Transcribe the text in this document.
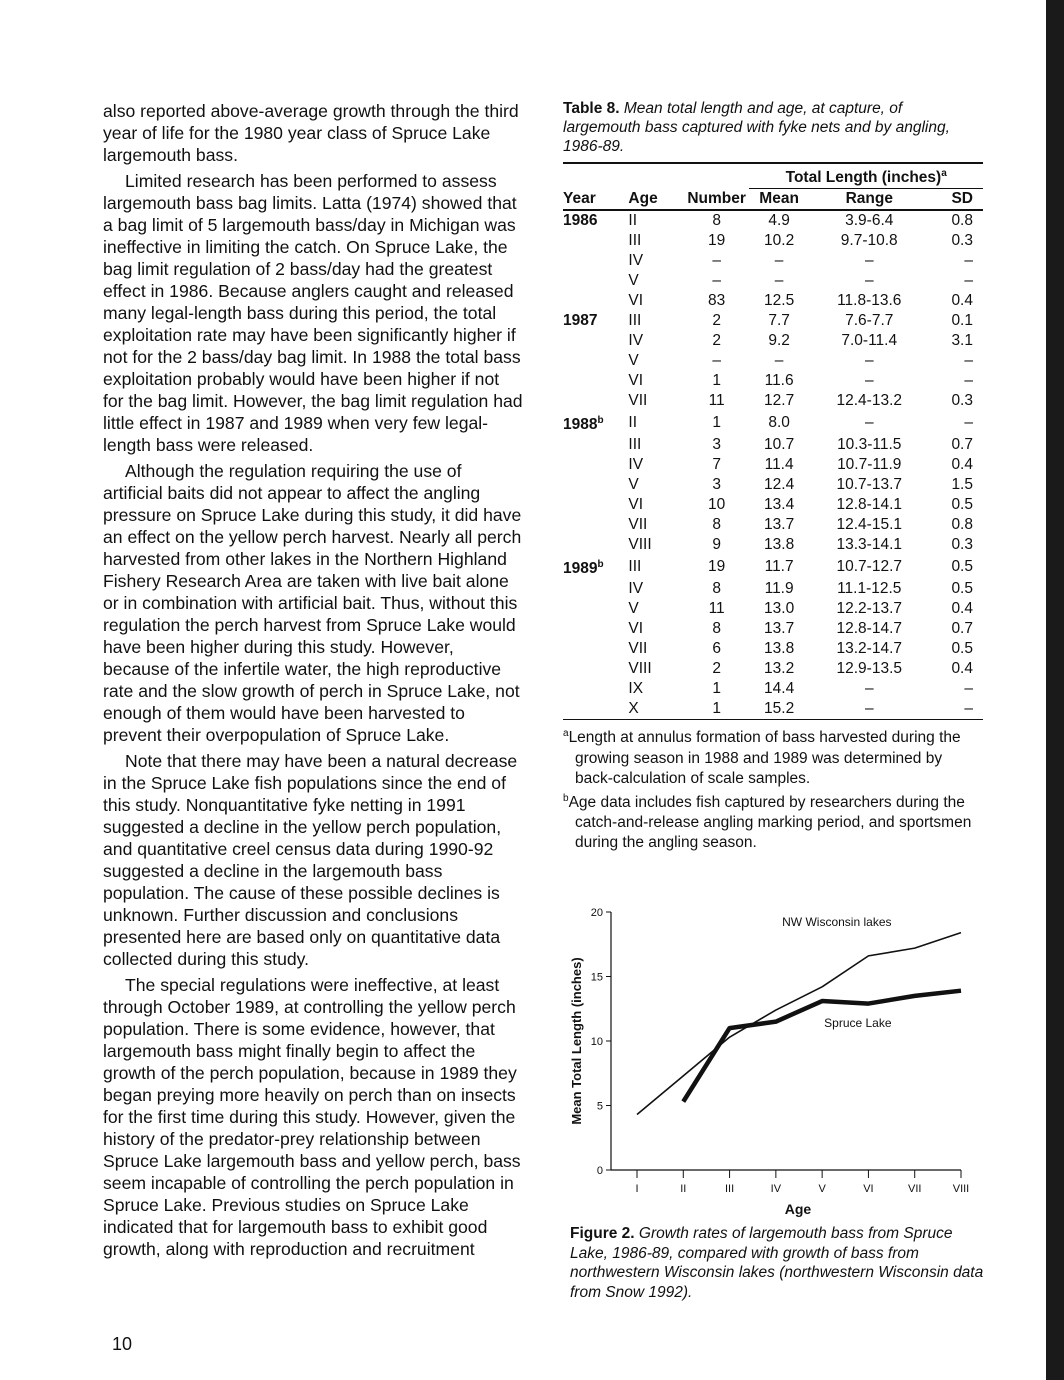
also reported above-average growth through the third year of life for the 1980 year class of Spruce Lake largemouth bass.

Limited research has been performed to assess largemouth bass bag limits. Latta (1974) showed that a bag limit of 5 largemouth bass/day in Michigan was ineffective in limiting the catch. On Spruce Lake, the bag limit regulation of 2 bass/day had the greatest effect in 1986. Because anglers caught and released many legal-length bass during this period, the total exploitation rate may have been significantly higher if not for the 2 bass/day bag limit. In 1988 the total bass exploitation probably would have been higher if not for the bag limit. However, the bag limit regulation had little effect in 1987 and 1989 when very few legal-length bass were released.

Although the regulation requiring the use of artificial baits did not appear to affect the angling pressure on Spruce Lake during this study, it did have an effect on the yellow perch harvest. Nearly all perch harvested from other lakes in the Northern Highland Fishery Research Area are taken with live bait alone or in combination with artificial bait. Thus, without this regulation the perch harvest from Spruce Lake would have been higher during this study. However, because of the infertile water, the high reproductive rate and the slow growth of perch in Spruce Lake, not enough of them would have been harvested to prevent their overpopulation of Spruce Lake.

Note that there may have been a natural decrease in the Spruce Lake fish populations since the end of this study. Nonquantitative fyke netting in 1991 suggested a decline in the yellow perch population, and quantitative creel census data during 1990-92 suggested a decline in the largemouth bass population. The cause of these possible declines is unknown. Further discussion and conclusions presented here are based only on quantitative data collected during this study.

The special regulations were ineffective, at least through October 1989, at controlling the yellow perch population. There is some evidence, however, that largemouth bass might finally begin to affect the growth of the perch population, because in 1989 they began preying more heavily on perch than on insects for the first time during this study. However, given the history of the predator-prey relationship between Spruce Lake largemouth bass and yellow perch, bass seem incapable of controlling the perch population in Spruce Lake. Previous studies on Spruce Lake indicated that for largemouth bass to exhibit good growth, along with reproduction and recruitment

10
Table 8. Mean total length and age, at capture, of largemouth bass captured with fyke nets and by angling, 1986-89.
			Total Length (inches)$^a$
Year	Age	Number	Mean	Range	SD
1986	II	8	4.9	3.9-6.4	0.8
	III	19	10.2	9.7-10.8	0.3
	IV	–	–	–	–
	V	–	–	–	–
	VI	83	12.5	11.8-13.6	0.4
1987	III	2	7.7	7.6-7.7	0.1
	IV	2	9.2	7.0-11.4	3.1
	V	–	–	–	–
	VI	1	11.6	–	–
	VII	11	12.7	12.4-13.2	0.3
1988$^b$	II	1	8.0	–	–
	III	3	10.7	10.3-11.5	0.7
	IV	7	11.4	10.7-11.9	0.4
	V	3	12.4	10.7-13.7	1.5
	VI	10	13.4	12.8-14.1	0.5
	VII	8	13.7	12.4-15.1	0.8
	VIII	9	13.8	13.3-14.1	0.3
1989$^b$	III	19	11.7	10.7-12.7	0.5
	IV	8	11.9	11.1-12.5	0.5
	V	11	13.0	12.2-13.7	0.4
	VI	8	13.7	12.8-14.7	0.7
	VII	6	13.8	13.2-14.7	0.5
	VIII	2	13.2	12.9-13.5	0.4
	IX	1	14.4	–	–
	X	1	15.2	–	–
$^a$Length at annulus formation of bass harvested during the growing season in 1988 and 1989 was determined by back-calculation of scale samples.
$^b$Age data includes fish captured by researchers during the catch-and-release angling marking period, and sportsmen during the angling season.
0
5
10
15
20
I	II	III	IV	V	VI	VII	VIII
Age
Mean Total Length (inches)
NW Wisconsin lakes
Spruce Lake
Figure 2. Growth rates of largemouth bass from Spruce Lake, 1986-89, compared with growth of bass from northwestern Wisconsin lakes (northwestern Wisconsin data from Snow 1992).
